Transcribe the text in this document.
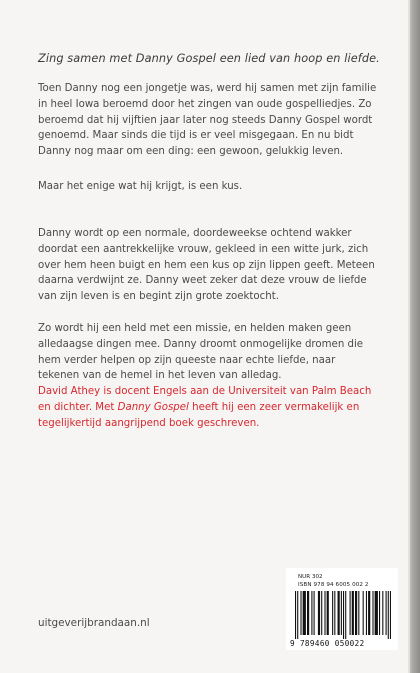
Zing samen met Danny Gospel een lied van hoop en liefde.

Toen Danny nog een jongetje was, werd hij samen met zijn familie in heel Iowa beroemd door het zingen van oude gospelliedjes. Zo beroemd dat hij vijftien jaar later nog steeds Danny Gospel wordt genoemd. Maar sinds die tijd is er veel misgegaan. En nu bidt Danny nog maar om een ding: een gewoon, gelukkig leven.

Maar het enige wat hij krijgt, is een kus.

Danny wordt op een normale, doordeweekse ochtend wakker doordat een aantrekkelijke vrouw, gekleed in een witte jurk, zich over hem heen buigt en hem een kus op zijn lippen geeft. Meteen daarna verdwijnt ze. Danny weet zeker dat deze vrouw de liefde van zijn leven is en begint zijn grote zoektocht.

Zo wordt hij een held met een missie, en helden maken geen alledaagse dingen mee. Danny droomt onmogelijke dromen die hem verder helpen op zijn queeste naar echte liefde, naar tekenen van de hemel in het leven van alledag.

David Athey is docent Engels aan de Universiteit van Palm Beach en dichter. Met Danny Gospel heeft hij een zeer vermakelijk en tegelijkertijd aangrijpend boek geschreven.

uitgeverijbrandaan.nl
NUR 302
ISBN 978 94 6005 002 2
9 789460 050022
